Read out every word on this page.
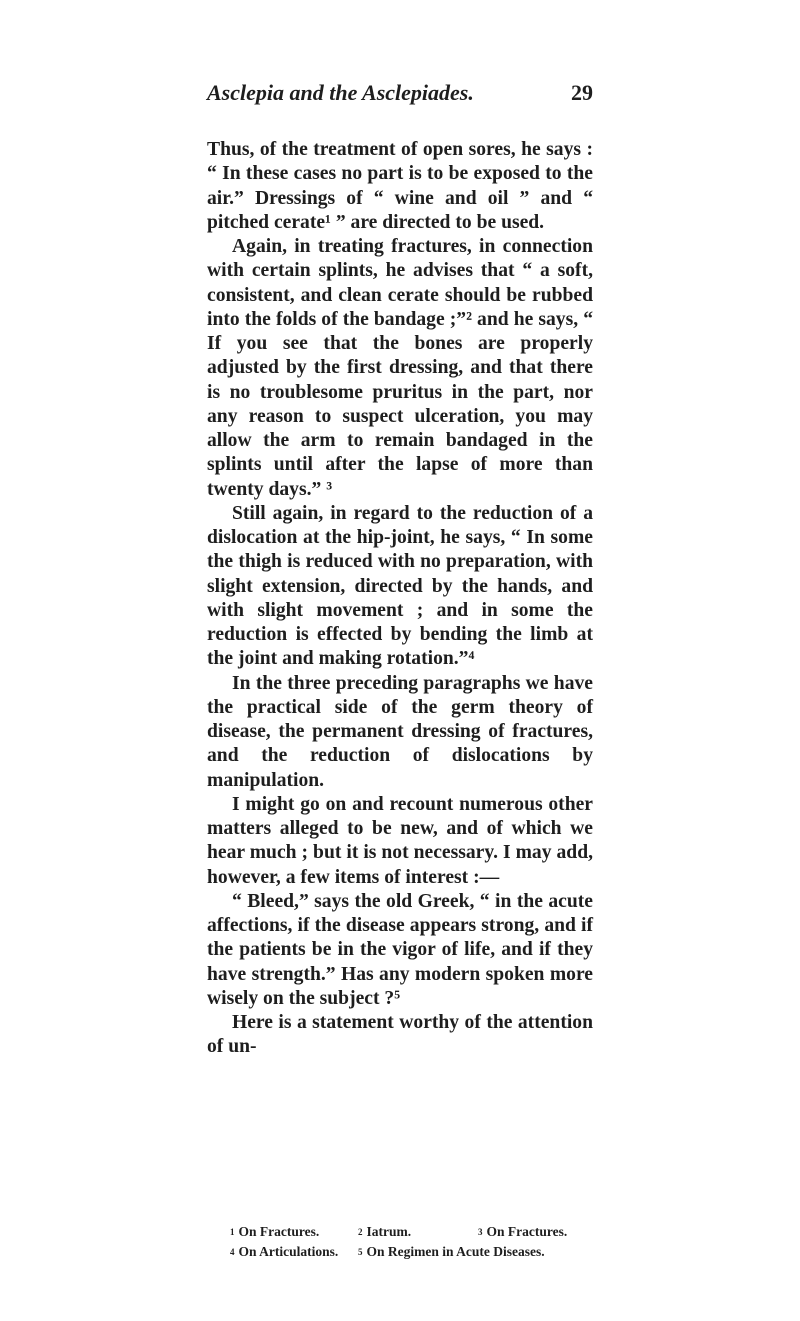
Asclepia and the Asclepiades.	29

Thus, of the treatment of open sores, he says : “ In these cases no part is to be exposed to the air.” Dressings of “ wine and oil ” and “ pitched cerate¹ ” are directed to be used.

Again, in treating fractures, in connection with certain splints, he advises that “ a soft, consistent, and clean cerate should be rubbed into the folds of the bandage ;”² and he says, “ If you see that the bones are properly adjusted by the first dressing, and that there is no troublesome pruritus in the part, nor any reason to suspect ulceration, you may allow the arm to remain bandaged in the splints until after the lapse of more than twenty days.” ³

Still again, in regard to the reduction of a dislocation at the hip-joint, he says, “ In some the thigh is reduced with no preparation, with slight extension, directed by the hands, and with slight movement ; and in some the reduction is effected by bending the limb at the joint and making rotation.”⁴

In the three preceding paragraphs we have the practical side of the germ theory of disease, the permanent dressing of fractures, and the reduction of dislocations by manipulation.

I might go on and recount numerous other matters alleged to be new, and of which we hear much ; but it is not necessary. I may add, however, a few items of interest :—

“ Bleed,” says the old Greek, “ in the acute affections, if the disease appears strong, and if the patients be in the vigor of life, and if they have strength.” Has any modern spoken more wisely on the subject ?⁵

Here is a statement worthy of the attention of un-

$^1$ On Fractures.	$^2$ Iatrum.	$^3$ On Fractures.
$^4$ On Articulations.	$^5$ On Regimen in Acute Diseases.
